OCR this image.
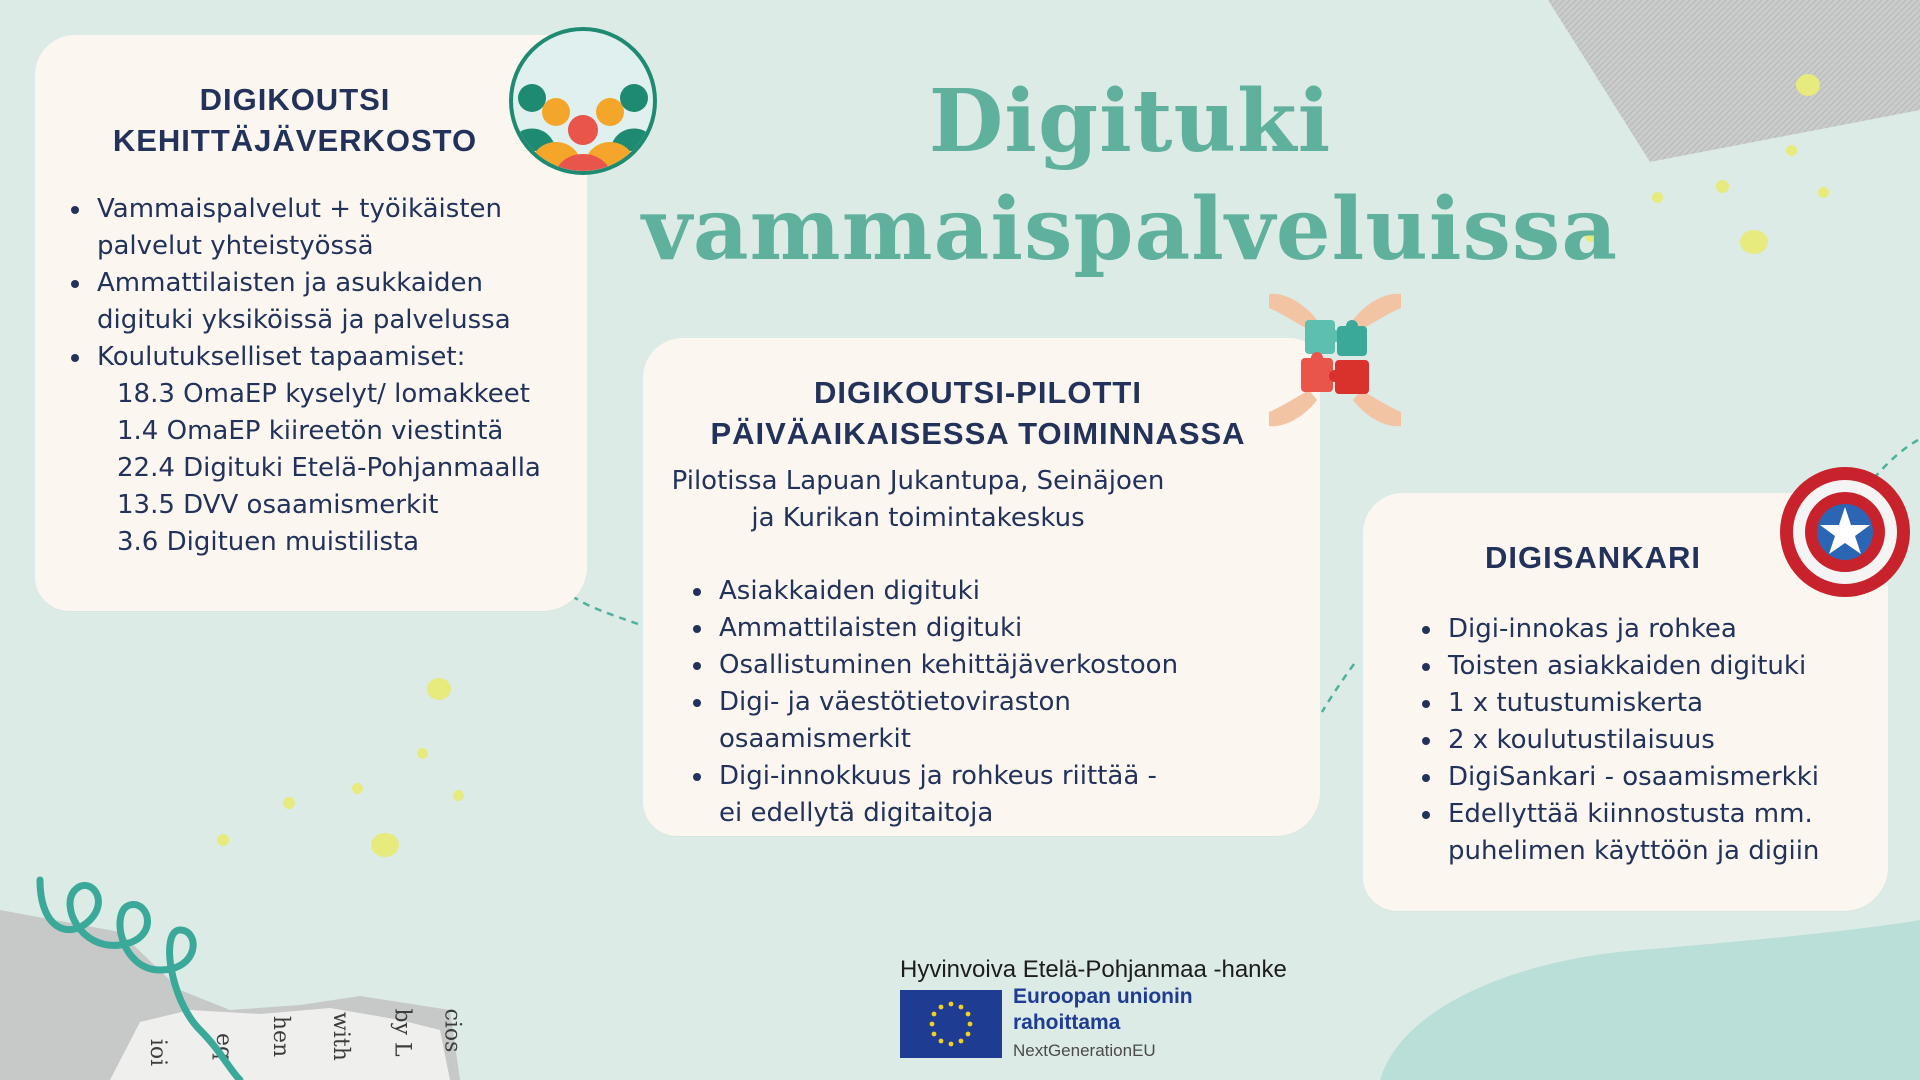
ioi eq hen with by L cios
Digituki
vammaispalveluissa

DIGIKOUTSI

KEHITTÄJÄVERKOSTO

Vammaispalvelut + työikäisten
palvelut yhteistyössä
Ammattilaisten ja asukkaiden
digituki yksiköissä ja palvelussa
Koulutukselliset tapaamiset:
18.3 OmaEP kyselyt/ lomakkeet
1.4 OmaEP kiireetön viestintä
22.4 Digituki Etelä-Pohjanmaalla
13.5 DVV osaamismerkit
3.6 Digituen muistilista

DIGIKOUTSI-PILOTTI

PÄIVÄAIKAISESSA TOIMINNASSA

Pilotissa Lapuan Jukantupa, Seinäjoen
ja Kurikan toimintakeskus
Asiakkaiden digituki
Ammattilaisten digituki
Osallistuminen kehittäjäverkostoon
Digi- ja väestötietoviraston
osaamismerkit
Digi-innokkuus ja rohkeus riittää -
ei edellytä digitaitoja

DIGISANKARI

Digi-innokas ja rohkea
Toisten asiakkaiden digituki
1 x tutustumiskerta
2 x koulutustilaisuus
DigiSankari - osaamismerkki
Edellyttää kiinnostusta mm.
puhelimen käyttöön ja digiin
Hyvinvoiva Etelä-Pohjanmaa -hanke
Euroopan unionin
rahoittama
NextGenerationEU
